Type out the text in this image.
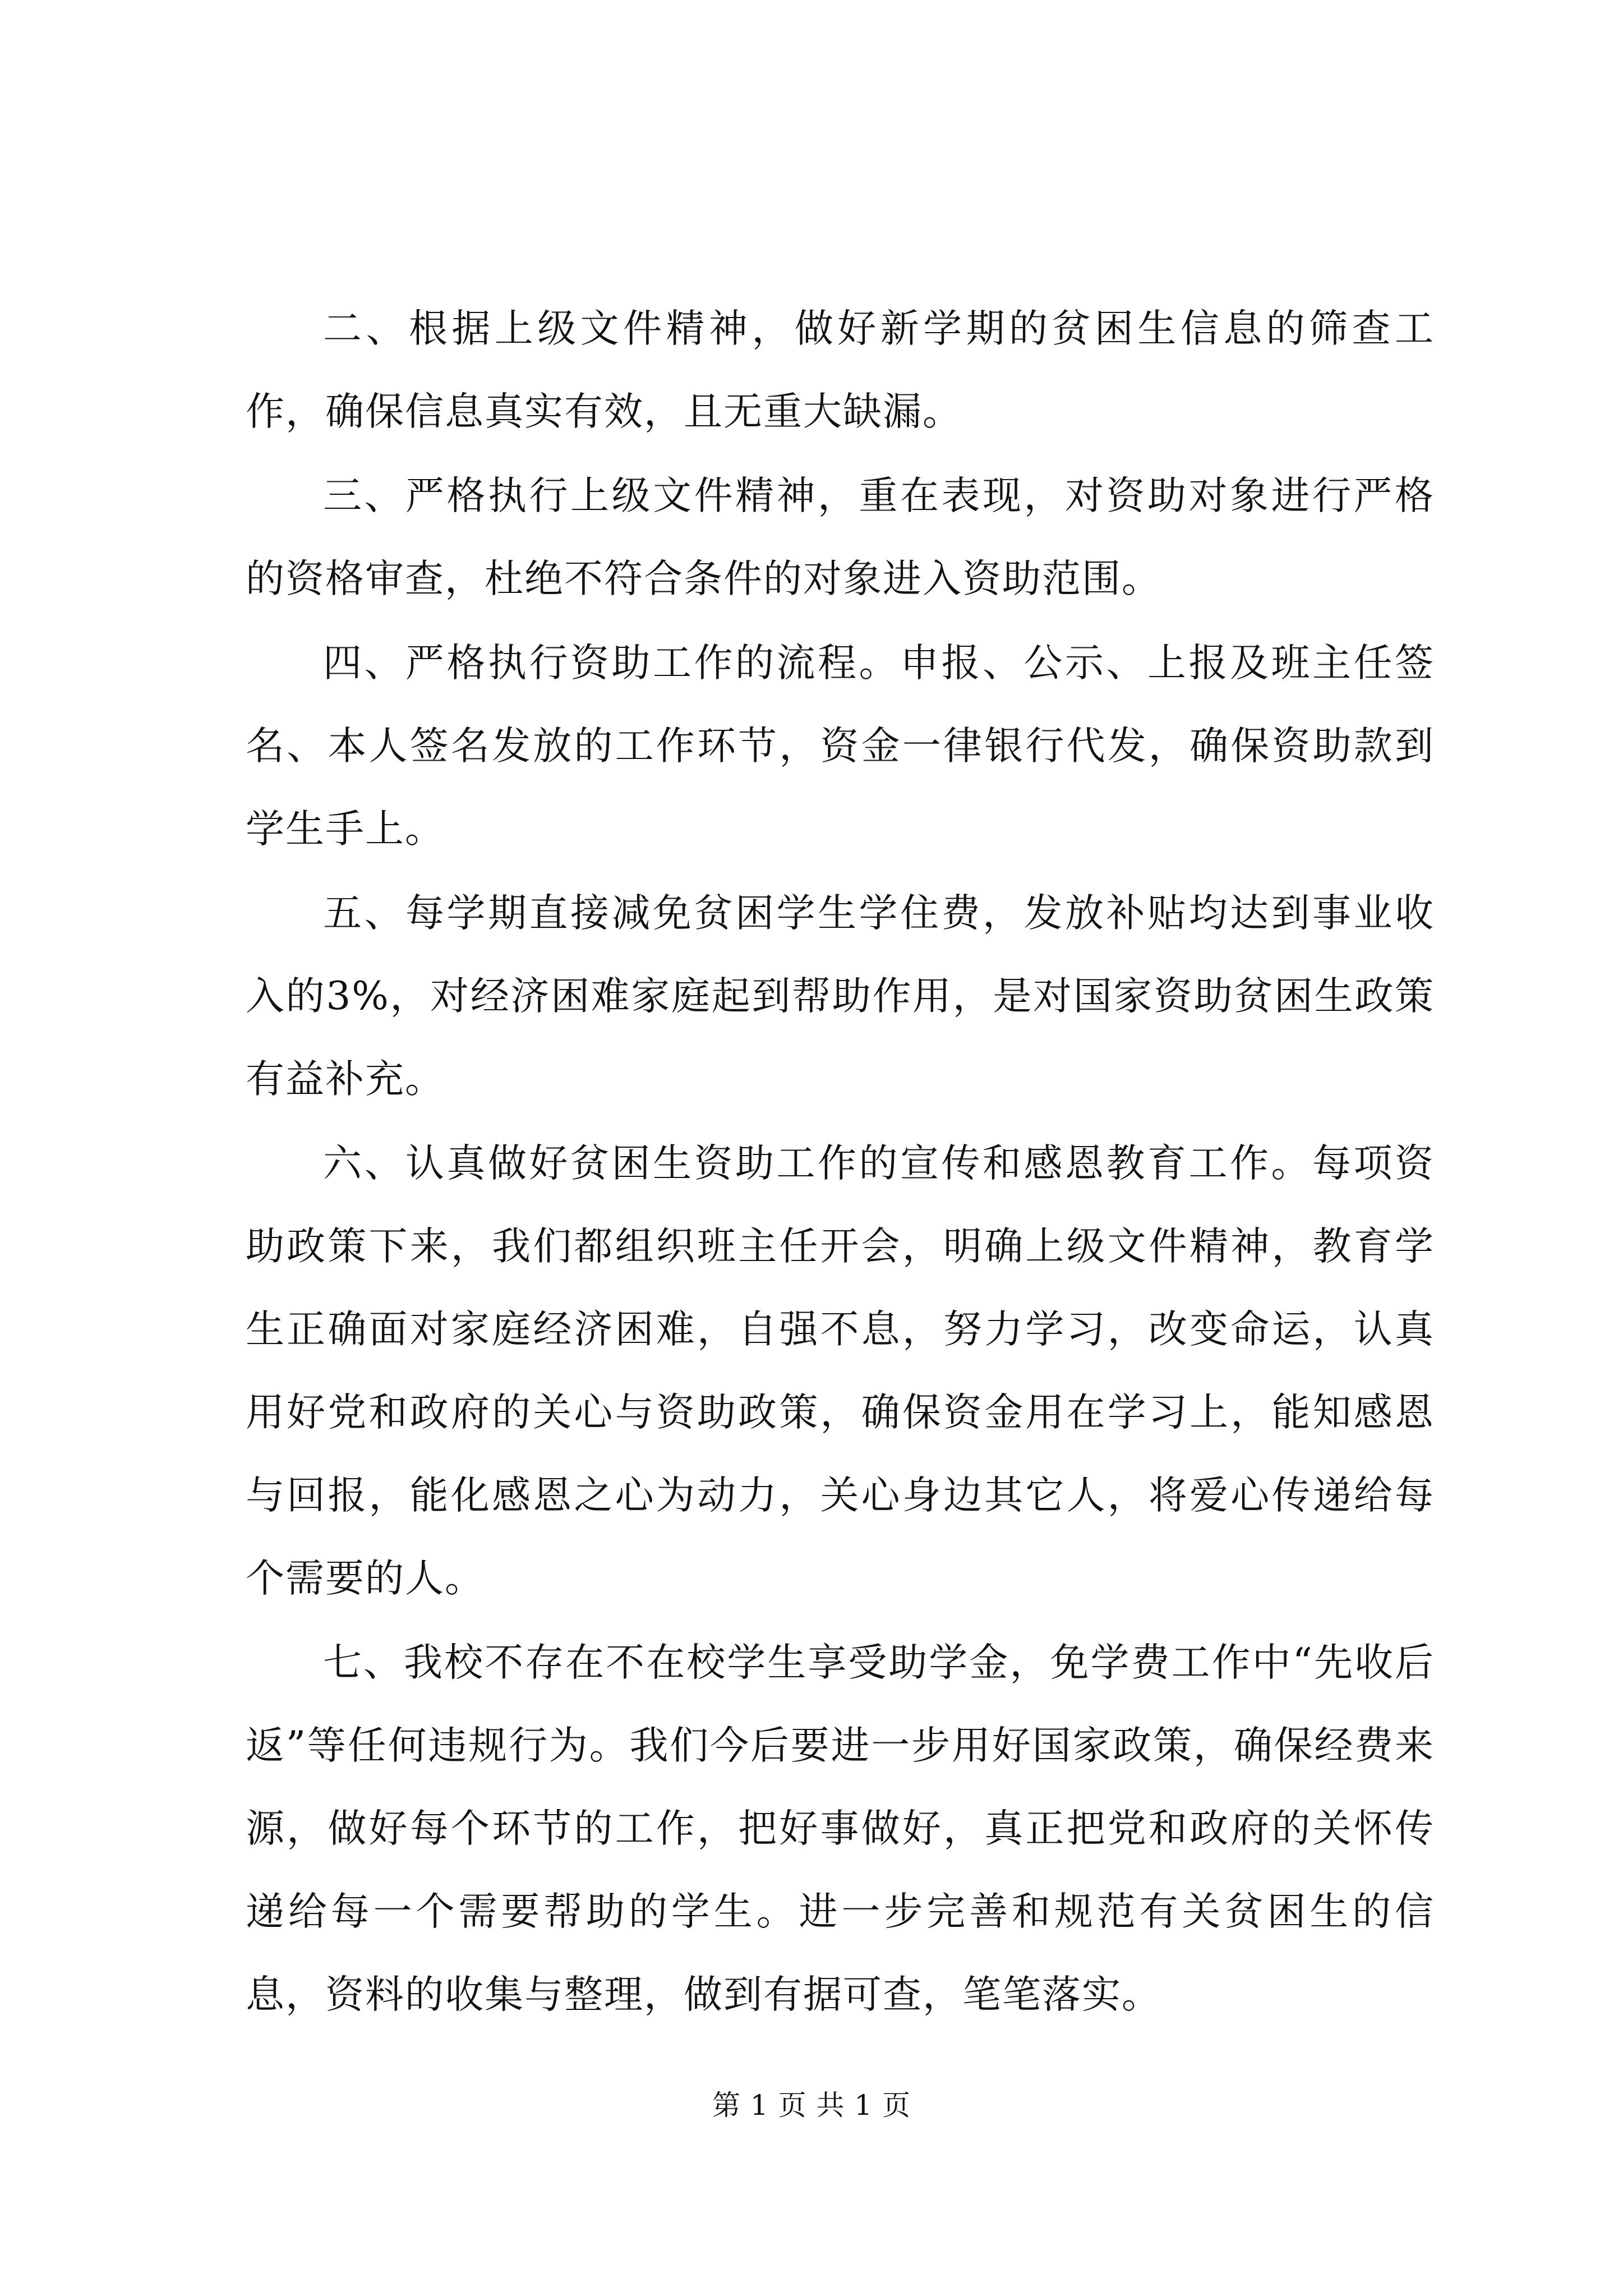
二、根据上级文件精神，做好新学期的贫困生信息的筛查工作，确保信息真实有效，且无重大缺漏。

三、严格执行上级文件精神，重在表现，对资助对象进行严格的资格审查，杜绝不符合条件的对象进入资助范围。

四、严格执行资助工作的流程。申报、公示、上报及班主任签名、本人签名发放的工作环节，资金一律银行代发，确保资助款到学生手上。

五、每学期直接减免贫困学生学住费，发放补贴均达到事业收入的3%，对经济困难家庭起到帮助作用，是对国家资助贫困生政策有益补充。

六、认真做好贫困生资助工作的宣传和感恩教育工作。每项资助政策下来，我们都组织班主任开会，明确上级文件精神，教育学生正确面对家庭经济困难，自强不息，努力学习，改变命运，认真用好党和政府的关心与资助政策，确保资金用在学习上，能知感恩与回报，能化感恩之心为动力，关心身边其它人，将爱心传递给每个需要的人。

七、我校不存在不在校学生享受助学金，免学费工作中“先收后返”等任何违规行为。我们今后要进一步用好国家政策，确保经费来源，做好每个环节的工作，把好事做好，真正把党和政府的关怀传递给每一个需要帮助的学生。进一步完善和规范有关贫困生的信息，资料的收集与整理，做到有据可查，笔笔落实。

第 1 页 共 1 页
